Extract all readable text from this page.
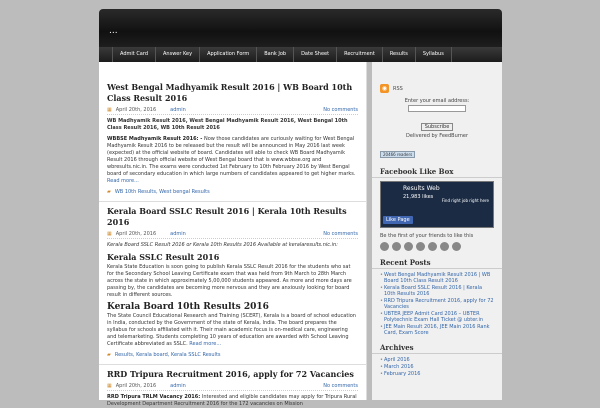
...
Admit Card	Answer Key	Application Form	Bank Job	Date Sheet	Recruitment	Results	Syllabus
Type text to search here...
West Bengal Madhyamik Result 2016 | WB Board 10th Class Result 2016
▦ April 20th, 2016	admin	No comments
WB Madhyamik Result 2016, West Bengal Madhyamik Result 2016, West Bengal 10th Class Result 2016, WB 10th Result 2016
WBBSE Madhyamik Result 2016: - Now those candidates are curiously waiting for West Bengal Madhyamik Result 2016 to be released but the result will be announced in May 2016 last week (expected) at the official website of board. Candidates will able to check WB Board Madhyamik Result 2016 through official website of West Bengal board that is www.wbbse.org and wbresults.nic.in. The exams were conducted 1st February to 10th February 2016 by West Bengal board of secondary education in which large numbers of candidates appeared to get higher marks. Read more...
▰ WB 10th Results, West bengal Results
Kerala Board SSLC Result 2016 | Kerala 10th Results 2016
▦ April 20th, 2016	admin	No comments
Kerala Board SSLC Result 2016 or Kerala 10th Results 2016 Available at keralaresults.nic.in:
Kerala SSLC Result 2016
Kerala State Education is soon going to publish Kerala SSLC Result 2016 for the students who sat for the Secondary School Leaving Certificate exam that was held from 9th March to 28th March across the state in which approximately 5,00,000 students appeared. As more and more days are passing by, the candidates are becoming more nervous and they are anxiously looking for board result in different sources.
Kerala Board 10th Results 2016
The State Council Educational Research and Training (SCERT), Kerala is a board of school education in India, conducted by the Government of the state of Kerala, India. The board prepares the syllabus for schools affiliated with it. Their main academic focus is on-medical care, engineering and telemarketing. Students completing 10 years of education are awarded with School Leaving Certificate abbreviated as SSLC. Read more...
▰ Results, Kerala board, Kerala SSLC Results
RRD Tripura Recruitment 2016, apply for 72 Vacancies
▦ April 20th, 2016	admin	No comments
RRD Tripura TRLM Vacancy 2016: Interested and eligible candidates may apply for Tripura Rural Development Department Recruitment 2016 for the 172 vacancies on Mission
◉	RSS
Enter your email address:
Subscribe
Delivered by FeedBurner
20466 readers
Facebook Like Box
Results Web
21,983 likes
Find right job right here
Like Page
Be the first of your friends to like this
Recent Posts
• West Bengal Madhyamik Result 2016 | WB Board 10th Class Result 2016
• Kerala Board SSLC Result 2016 | Kerala 10th Results 2016
• RRD Tripura Recruitment 2016, apply for 72 Vacancies
• UBTER JEEP Admit Card 2016 – UBTER Polytechnic Exam Hall Ticket @ ubter.in
• JEE Main Result 2016, JEE Main 2016 Rank Card, Exam Score
Archives
• April 2016
• March 2016
• February 2016
